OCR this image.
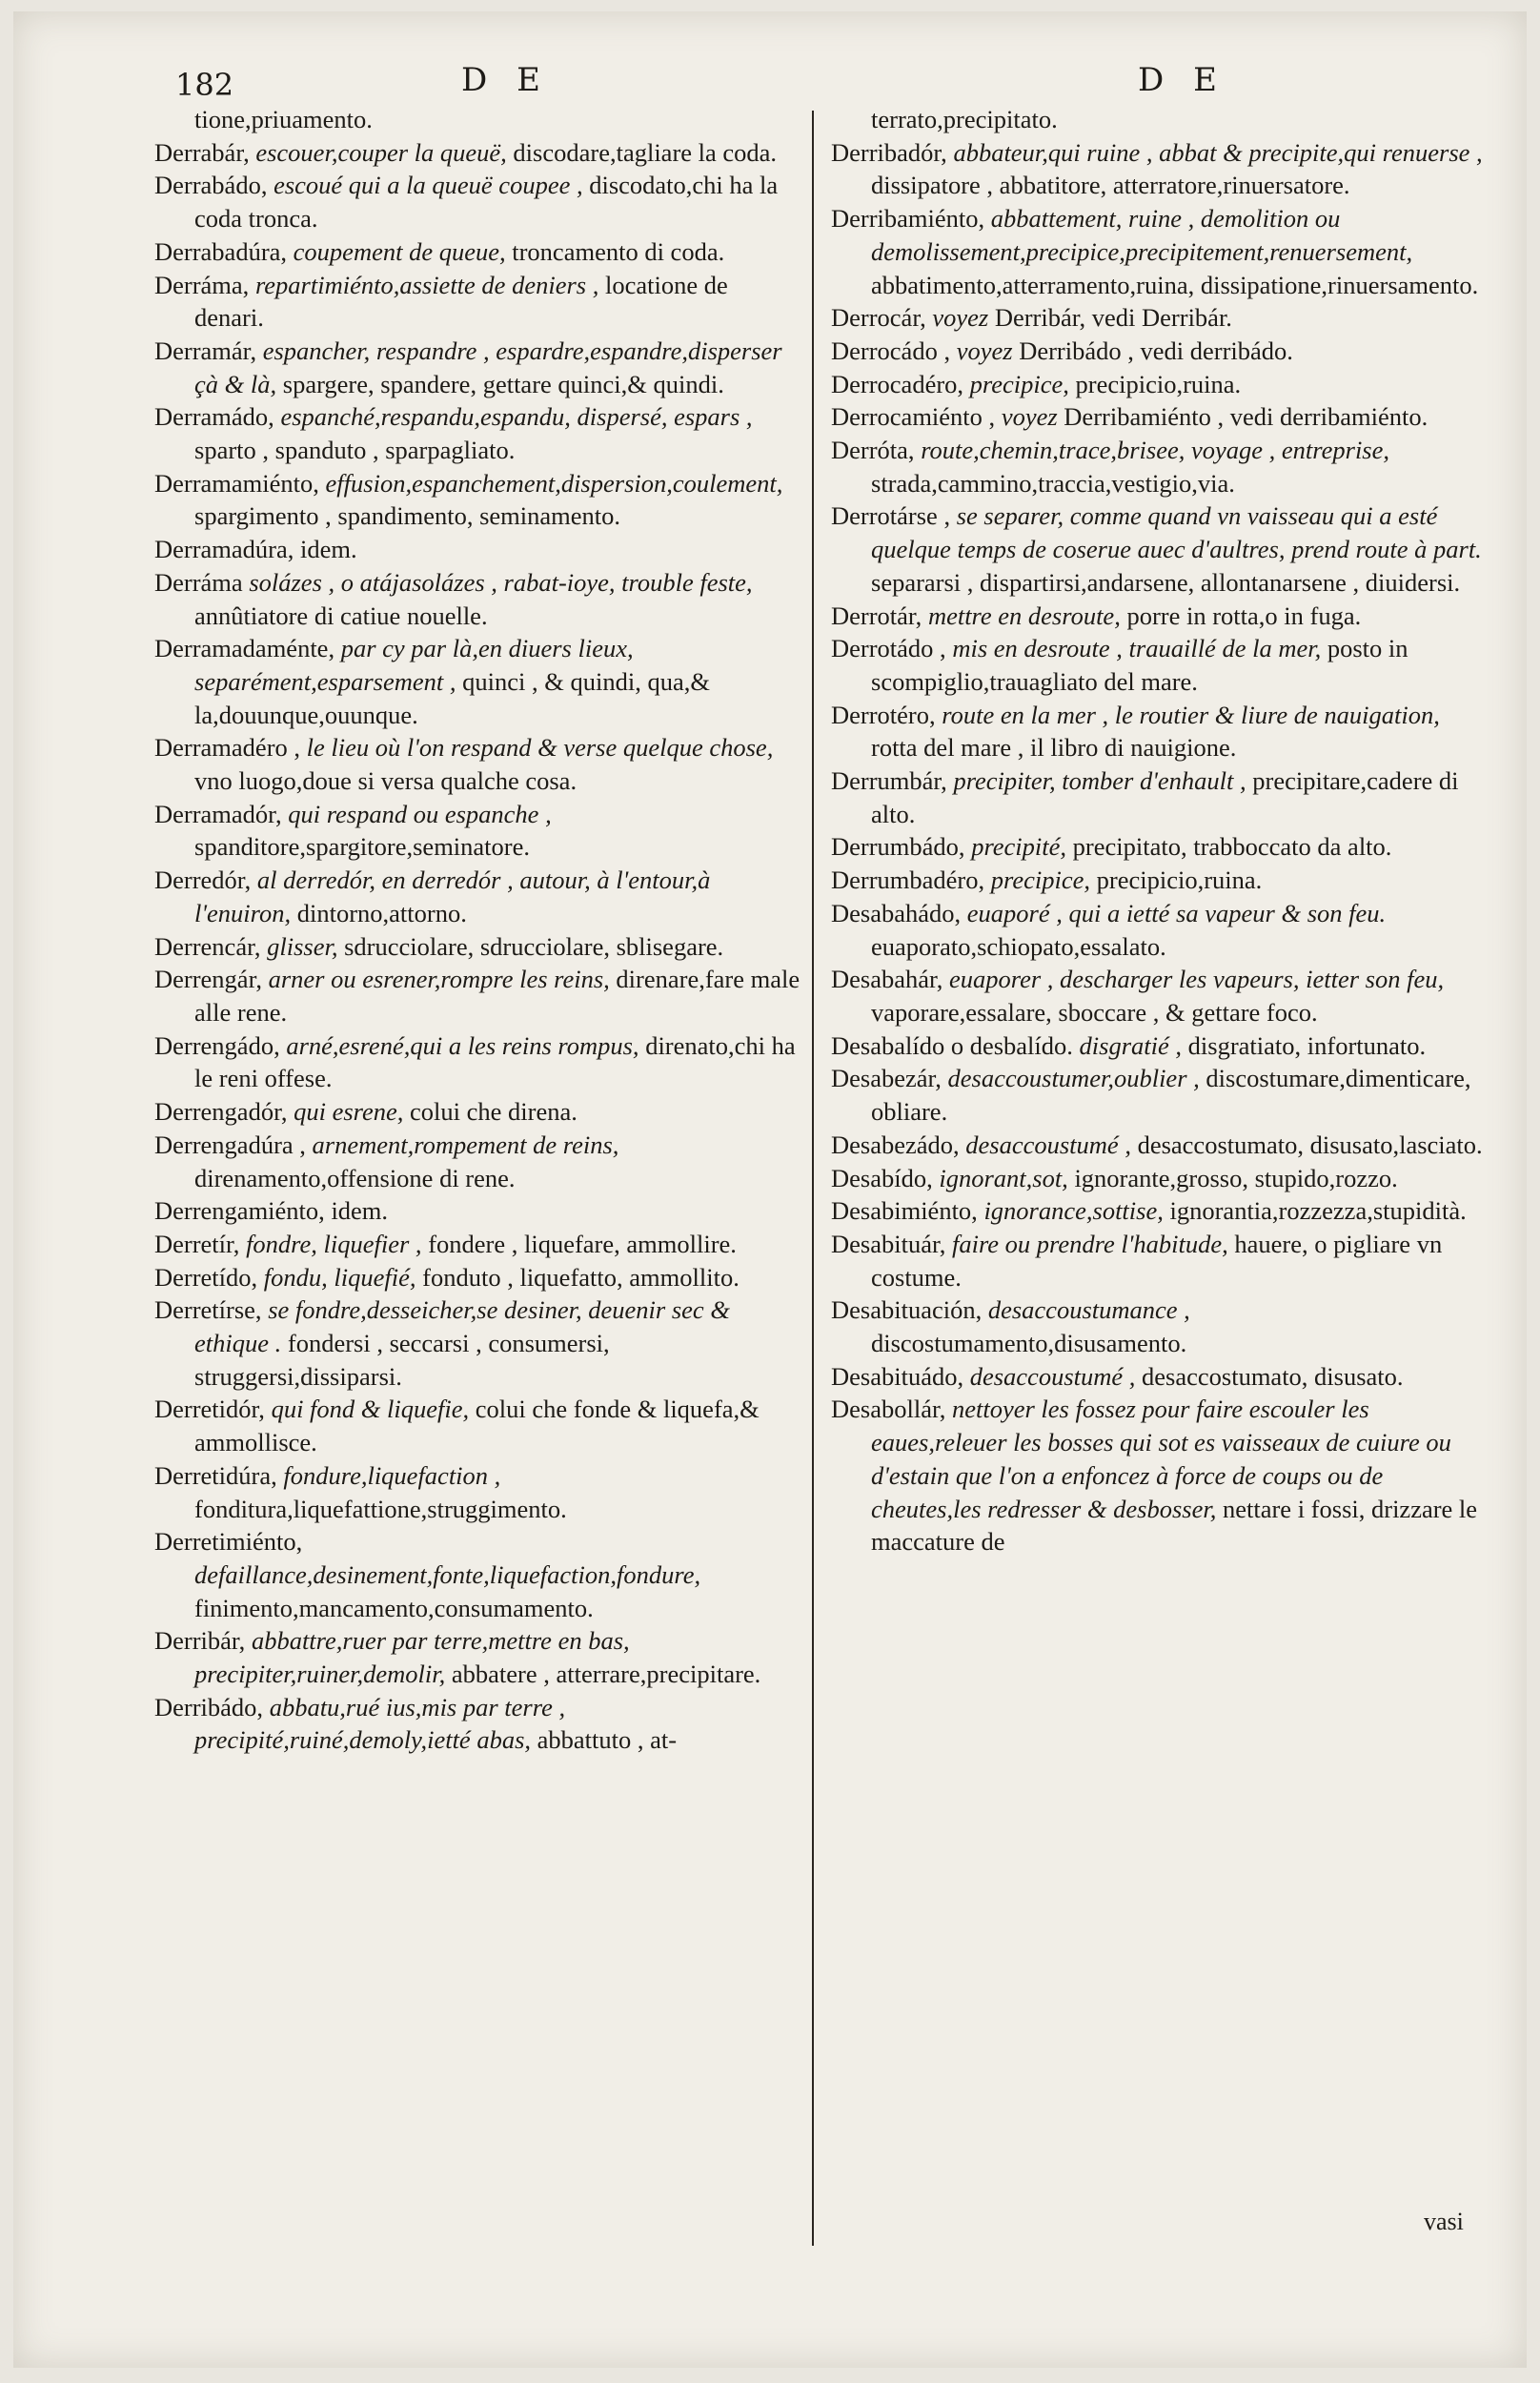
182	D E	D E

tione,priuamento.

Derrabár, escouer,couper la queuë, discodare,tagliare la coda.

Derrabádo, escoué qui a la queuë coupee , discodato,chi ha la coda tronca.

Derrabadúra, coupement de queue, troncamento di coda.

Derráma, repartimiénto,assiette de deniers , locatione de denari.

Derramár, espancher, respandre , espardre,espandre,disperser çà & là, spargere, spandere, gettare quinci,& quindi.

Derramádo, espanché,respandu,espandu, dispersé, espars , sparto , spanduto , sparpagliato.

Derramamiénto, effusion,espanchement,dispersion,coulement, spargimento , spandimento, seminamento.

Derramadúra, idem.

Derráma solázes , o atájasolázes , rabat-ioye, trouble feste, annûtiatore di catiue nouelle.

Derramadaménte, par cy par là,en diuers lieux, separément,esparsement , quinci , & quindi, qua,& la,douunque,ouunque.

Derramadéro , le lieu où l'on respand & verse quelque chose, vno luogo,doue si versa qualche cosa.

Derramadór, qui respand ou espanche , spanditore,spargitore,seminatore.

Derredór, al derredór, en derredór , autour, à l'entour,à l'enuiron, dintorno,attorno.

Derrencár, glisser, sdrucciolare, sdrucciolare, sblisegare.

Derrengár, arner ou esrener,rompre les reins, direnare,fare male alle rene.

Derrengádo, arné,esrené,qui a les reins rompus, direnato,chi ha le reni offese.

Derrengadór, qui esrene, colui che direna.

Derrengadúra , arnement,rompement de reins, direnamento,offensione di rene.

Derrengamiénto, idem.

Derretír, fondre, liquefier , fondere , liquefare, ammollire.

Derretído, fondu, liquefié, fonduto , liquefatto, ammollito.

Derretírse, se fondre,desseicher,se desiner, deuenir sec & ethique . fondersi , seccarsi , consumersi, struggersi,dissiparsi.

Derretidór, qui fond & liquefie, colui che fonde & liquefa,& ammollisce.

Derretidúra, fondure,liquefaction , fonditura,liquefattione,struggimento.

Derretimiénto, defaillance,desinement,fonte,liquefaction,fondure, finimento,mancamento,consumamento.

Derribár, abbattre,ruer par terre,mettre en bas, precipiter,ruiner,demolir, abbatere , atterrare,precipitare.

Derribádo, abbatu,rué ius,mis par terre , precipité,ruiné,demoly,ietté abas, abbattuto , at-

terrato,precipitato.

Derribadór, abbateur,qui ruine , abbat & precipite,qui renuerse , dissipatore , abbatitore, atterratore,rinuersatore.

Derribamiénto, abbattement, ruine , demolition ou demolissement,precipice,precipitement,renuersement, abbatimento,atterramento,ruina, dissipatione,rinuersamento.

Derrocár, voyez Derribár, vedi Derribár.

Derrocádo , voyez Derribádo , vedi derribádo.

Derrocadéro, precipice, precipicio,ruina.

Derrocamiénto , voyez Derribamiénto , vedi derribamiénto.

Derróta, route,chemin,trace,brisee, voyage , entreprise, strada,cammino,traccia,vestigio,via.

Derrotárse , se separer, comme quand vn vaisseau qui a esté quelque temps de coserue auec d'aultres, prend route à part. separarsi , dispartirsi,andarsene, allontanarsene , diuidersi.

Derrotár, mettre en desroute, porre in rotta,o in fuga.

Derrotádo , mis en desroute , trauaillé de la mer, posto in scompiglio,trauagliato del mare.

Derrotéro, route en la mer , le routier & liure de nauigation, rotta del mare , il libro di nauigione.

Derrumbár, precipiter, tomber d'enhault , precipitare,cadere di alto.

Derrumbádo, precipité, precipitato, trabboccato da alto.

Derrumbadéro, precipice, precipicio,ruina.

Desabahádo, euaporé , qui a ietté sa vapeur & son feu. euaporato,schiopato,essalato.

Desabahár, euaporer , descharger les vapeurs, ietter son feu, vaporare,essalare, sboccare , & gettare foco.

Desabalído o desbalído. disgratié , disgratiato, infortunato.

Desabezár, desaccoustumer,oublier , discostumare,dimenticare, obliare.

Desabezádo, desaccoustumé , desaccostumato, disusato,lasciato.

Desabído, ignorant,sot, ignorante,grosso, stupido,rozzo.

Desabimiénto, ignorance,sottise, ignorantia,rozzezza,stupidità.

Desabituár, faire ou prendre l'habitude, hauere, o pigliare vn costume.

Desabituación, desaccoustumance , discostumamento,disusamento.

Desabituádo, desaccoustumé , desaccostumato, disusato.

Desabollár, nettoyer les fossez pour faire escouler les eaues,releuer les bosses qui sot es vaisseaux de cuiure ou d'estain que l'on a enfoncez à force de coups ou de cheutes,les redresser & desbosser, nettare i fossi, drizzare le maccature de

vasi
